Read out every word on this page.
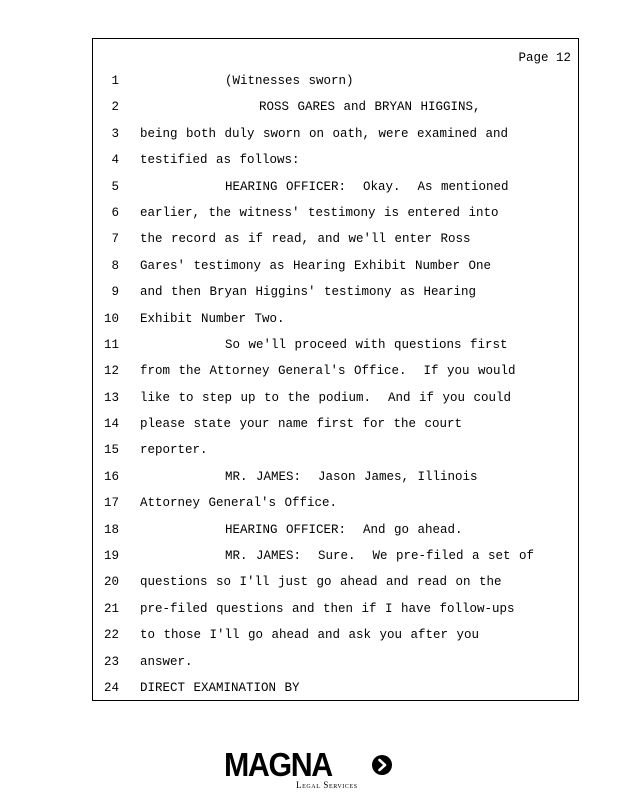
Page 12
1 (Witnesses sworn)
2 ROSS GARES and BRYAN HIGGINS,
3 being both duly sworn on oath, were examined and
4 testified as follows:
5 HEARING OFFICER:  Okay.  As mentioned
6 earlier, the witness' testimony is entered into
7 the record as if read, and we'll enter Ross
8 Gares' testimony as Hearing Exhibit Number One
9 and then Bryan Higgins' testimony as Hearing
10 Exhibit Number Two.
11 So we'll proceed with questions first
12 from the Attorney General's Office.  If you would
13 like to step up to the podium.  And if you could
14 please state your name first for the court
15 reporter.
16 MR. JAMES:  Jason James, Illinois
17 Attorney General's Office.
18 HEARING OFFICER:  And go ahead.
19 MR. JAMES:  Sure.  We pre-filed a set of
20 questions so I'll just go ahead and read on the
21 pre-filed questions and then if I have follow-ups
22 to those I'll go ahead and ask you after you
23 answer.
24 DIRECT EXAMINATION BY
MAGNA
Legal Services
